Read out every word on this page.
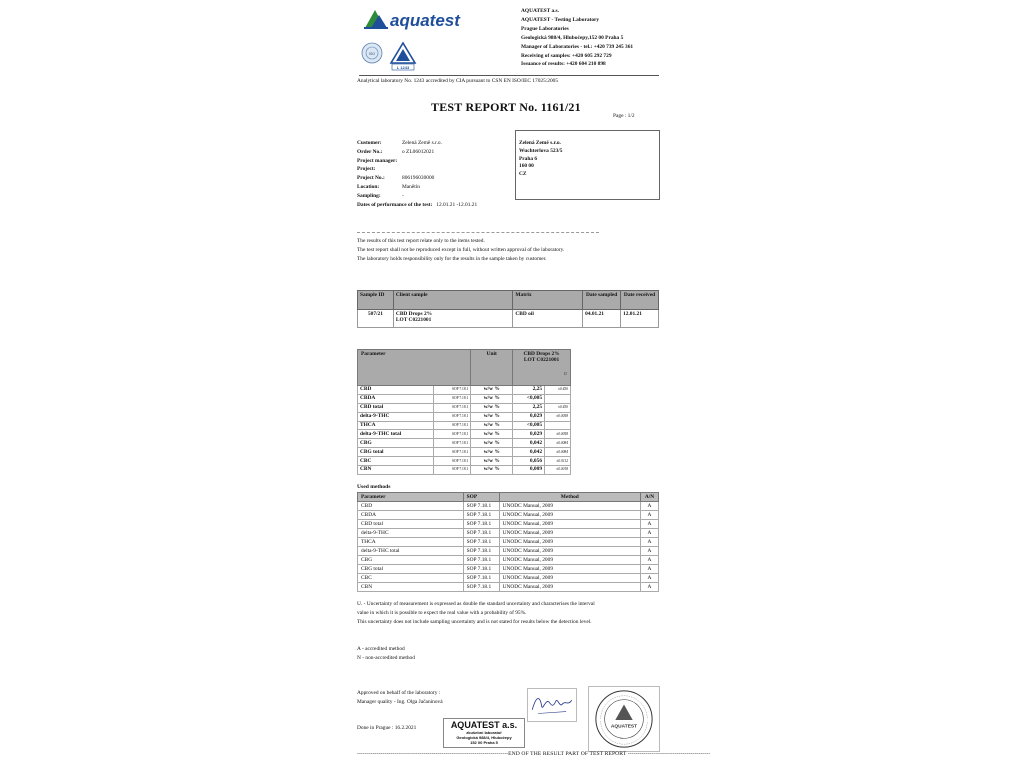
aquatest	AQUATEST a.s.
AQUATEST - Testing Laboratory
Prague Laboratories
Geologická 988/4, Hlubočepy,152 00 Praha 5
Manager of Laboratories - tel.: +420 739 245 361
Receiving of samples: +420 605 292 729
Issuance of results: +420 604 210 898
ISO
L 1243
Analytical laboratory No. 1243 accredited by CIA pursuant to CSN EN ISO/IEC 17025:2005
TEST REPORT No. 1161/21
Page : 1/2
Customer:	Zelená Země s.r.o.
Order No.:	o ZL06012021
Project manager:
Project:
Project No.:	806196030000
Location:	Manětín
Sampling:	-
Dates of performance of the test: 12.01.21 -12.01.21
Zelená Země s.r.o.
Wuchterlova 523/5
Praha 6
160 00
CZ
The results of this test report relate only to the items tested.
The test report shall not be reproduced except in full, without written approval of the laboratory.
The laboratory holds responsibility only for the results in the sample taken by customer.
Sample ID	Client sample	Matrix	Date sampled	Date received
507/21	CBD Drops 2%
LOT C0221001	CBD oil	04.01.21	12.01.21
Parameter		Unit	CBD Drops 2%
LOT C0221001
U	

CBD	SOP 7.18.1	w/w %	2,25	±0.450
CBDA	SOP 7.18.1	w/w %	<0,005	
CBD total	SOP 7.18.1	w/w %	2,25	±0.450
delta-9-THC	SOP 7.18.1	w/w %	0,029	±0.0058
THCA	SOP 7.18.1	w/w %	<0,005	
delta-9-THC total	SOP 7.18.1	w/w %	0,029	±0.0058
CBG	SOP 7.18.1	w/w %	0,042	±0.0084
CBG total	SOP 7.18.1	w/w %	0,042	±0.0084
CBC	SOP 7.18.1	w/w %	0,056	±0.0112
CBN	SOP 7.18.1	w/w %	0,009	±0.0018
Used methods
Parameter	SOP	Method	A/N
CBD	SOP 7.18.1	UNODC Manual, 2009	A
CBDA	SOP 7.18.1	UNODC Manual, 2009	A
CBD total	SOP 7.18.1	UNODC Manual, 2009	A
delta-9-THC	SOP 7.18.1	UNODC Manual, 2009	A
THCA	SOP 7.18.1	UNODC Manual, 2009	A
delta-9-THC total	SOP 7.18.1	UNODC Manual, 2009	A
CBG	SOP 7.18.1	UNODC Manual, 2009	A
CBG total	SOP 7.18.1	UNODC Manual, 2009	A
CBC	SOP 7.18.1	UNODC Manual, 2009	A
CBN	SOP 7.18.1	UNODC Manual, 2009	A
U. - Uncertainty of measurement is expressed as double the standard uncertainty and characterises the interval
value in which it is possible to expect the real value with a probability of 95%.
This uncertainty does not include sampling uncertainty and is not stated for results below the detection level.
A - accredited method
N - non-accredited method
Approved on behalf of the laboratory :
Manager quality - Ing. Olga Jačaninová
Done in Prague : 16.2.2021	AQUATEST a.s.
zkušební laboratoř
Geologická 988/4, Hlubočepy
152 00 Praha 5
AQUATEST
-----------------------------------------------------------------------------END OF THE RESULT PART OF TEST REPORT ------------------------------------------
